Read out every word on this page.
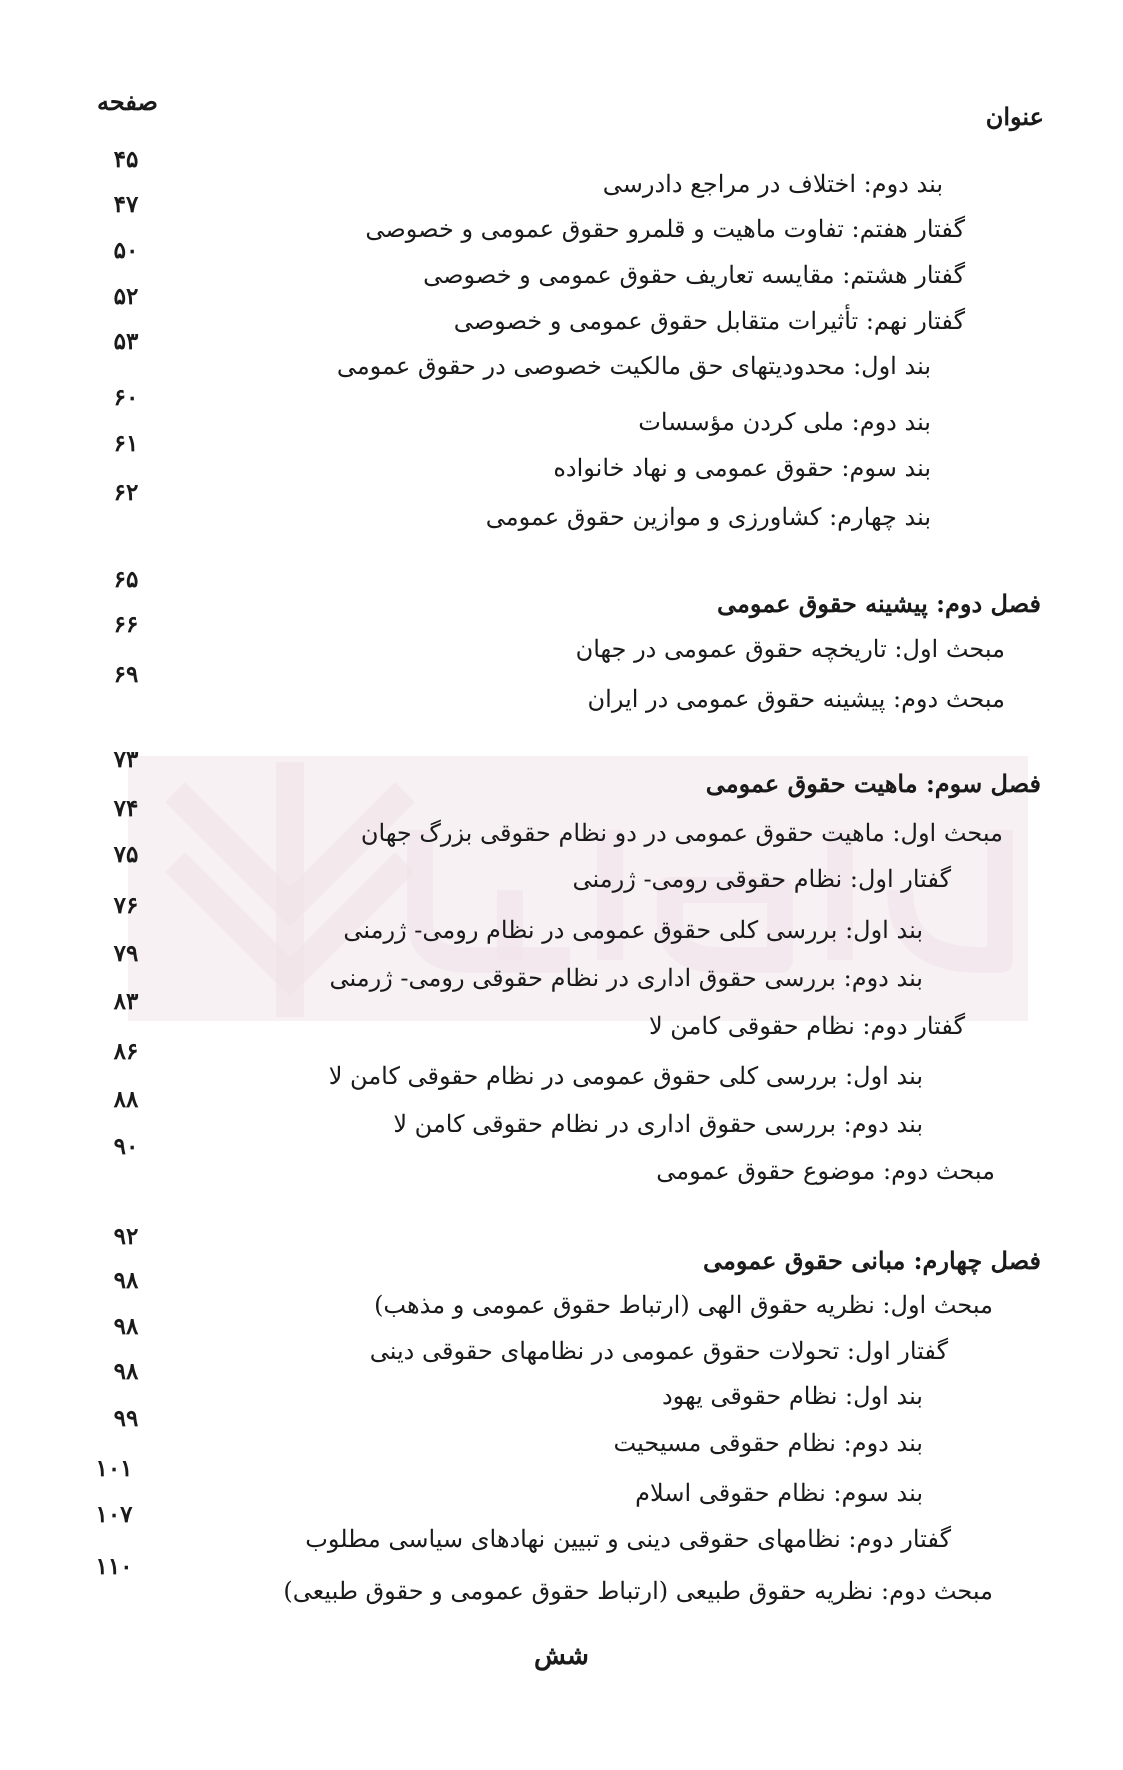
عنوان
صفحه
بند دوم: اختلاف در مراجع دادرسی
۴۵
گفتار هفتم: تفاوت ماهیت و قلمرو حقوق عمومی و خصوصی
۴۷
گفتار هشتم: مقایسه تعاریف حقوق عمومی و خصوصی
۵۰
گفتار نهم: تأثیرات متقابل حقوق عمومی و خصوصی
۵۲
بند اول: محدودیتهای حق مالکیت خصوصی در حقوق عمومی
۵۳
بند دوم: ملی کردن مؤسسات
۶۰
بند سوم: حقوق عمومی و نهاد خانواده
۶۱
بند چهارم: کشاورزی و موازین حقوق عمومی
۶۲
فصل دوم: پیشینه حقوق عمومی
۶۵
مبحث اول: تاریخچه حقوق عمومی در جهان
۶۶
مبحث دوم: پیشینه حقوق عمومی در ایران
۶۹
فصل سوم: ماهیت حقوق عمومی
۷۳
مبحث اول: ماهیت حقوق عمومی در دو نظام حقوقی بزرگ جهان
۷۴
گفتار اول: نظام حقوقی رومی- ژرمنی
۷۵
بند اول: بررسی کلی حقوق عمومی در نظام رومی- ژرمنی
۷۶
بند دوم: بررسی حقوق اداری در نظام حقوقی رومی- ژرمنی
۷۹
گفتار دوم: نظام حقوقی کامن لا
۸۳
بند اول: بررسی کلی حقوق عمومی در نظام حقوقی کامن لا
۸۶
بند دوم: بررسی حقوق اداری در نظام حقوقی کامن لا
۸۸
مبحث دوم: موضوع حقوق عمومی
۹۰
فصل چهارم: مبانی حقوق عمومی
۹۲
مبحث اول: نظریه حقوق الهی (ارتباط حقوق عمومی و مذهب)
۹۸
گفتار اول: تحولات حقوق عمومی در نظامهای حقوقی دینی
۹۸
بند اول: نظام حقوقی یهود
۹۸
بند دوم: نظام حقوقی مسیحیت
۹۹
بند سوم: نظام حقوقی اسلام
۱۰۱
گفتار دوم: نظامهای حقوقی دینی و تبیین نهادهای سیاسی مطلوب
۱۰۷
مبحث دوم: نظریه حقوق طبیعی (ارتباط حقوق عمومی و حقوق طبیعی)
۱۱۰
شش
